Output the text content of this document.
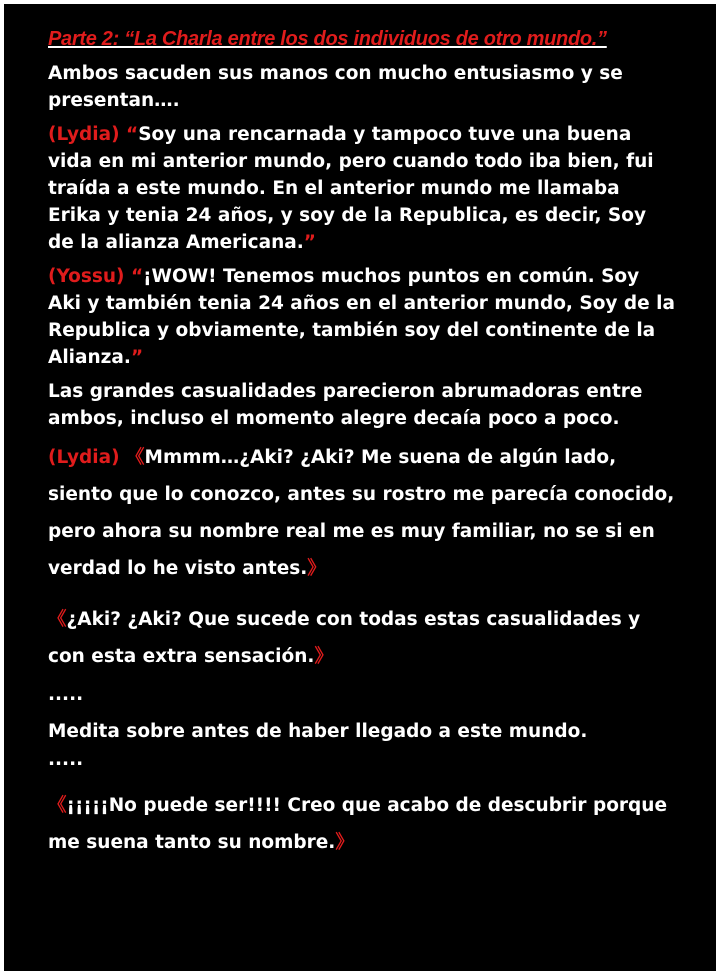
Parte 2: “La Charla entre los dos individuos de otro mundo.”

Ambos sacuden sus manos con mucho entusiasmo y se presentan….

(Lydia) “Soy una rencarnada y tampoco tuve una buena vida en mi anterior mundo, pero cuando todo iba bien, fui traída a este mundo. En el anterior mundo me llamaba Erika y tenia 24 años, y soy de la Republica, es decir, Soy de la alianza Americana.”

(Yossu) “¡WOW! Tenemos muchos puntos en común. Soy Aki y también tenia 24 años en el anterior mundo, Soy de la Republica y obviamente, también soy del continente de la Alianza.”

Las grandes casualidades parecieron abrumadoras entre ambos, incluso el momento alegre decaía poco a poco.

(Lydia) 《Mmmm…¿Aki? ¿Aki? Me suena de algún lado, siento que lo conozco, antes su rostro me parecía conocido, pero ahora su nombre real me es muy familiar, no se si en verdad lo he visto antes.》

《¿Aki? ¿Aki? Que sucede con todas estas casualidades y con esta extra sensación.》

.....

Medita sobre antes de haber llegado a este mundo.

.....

《¡¡¡¡¡No puede ser!!!! Creo que acabo de descubrir porque me suena tanto su nombre.》
